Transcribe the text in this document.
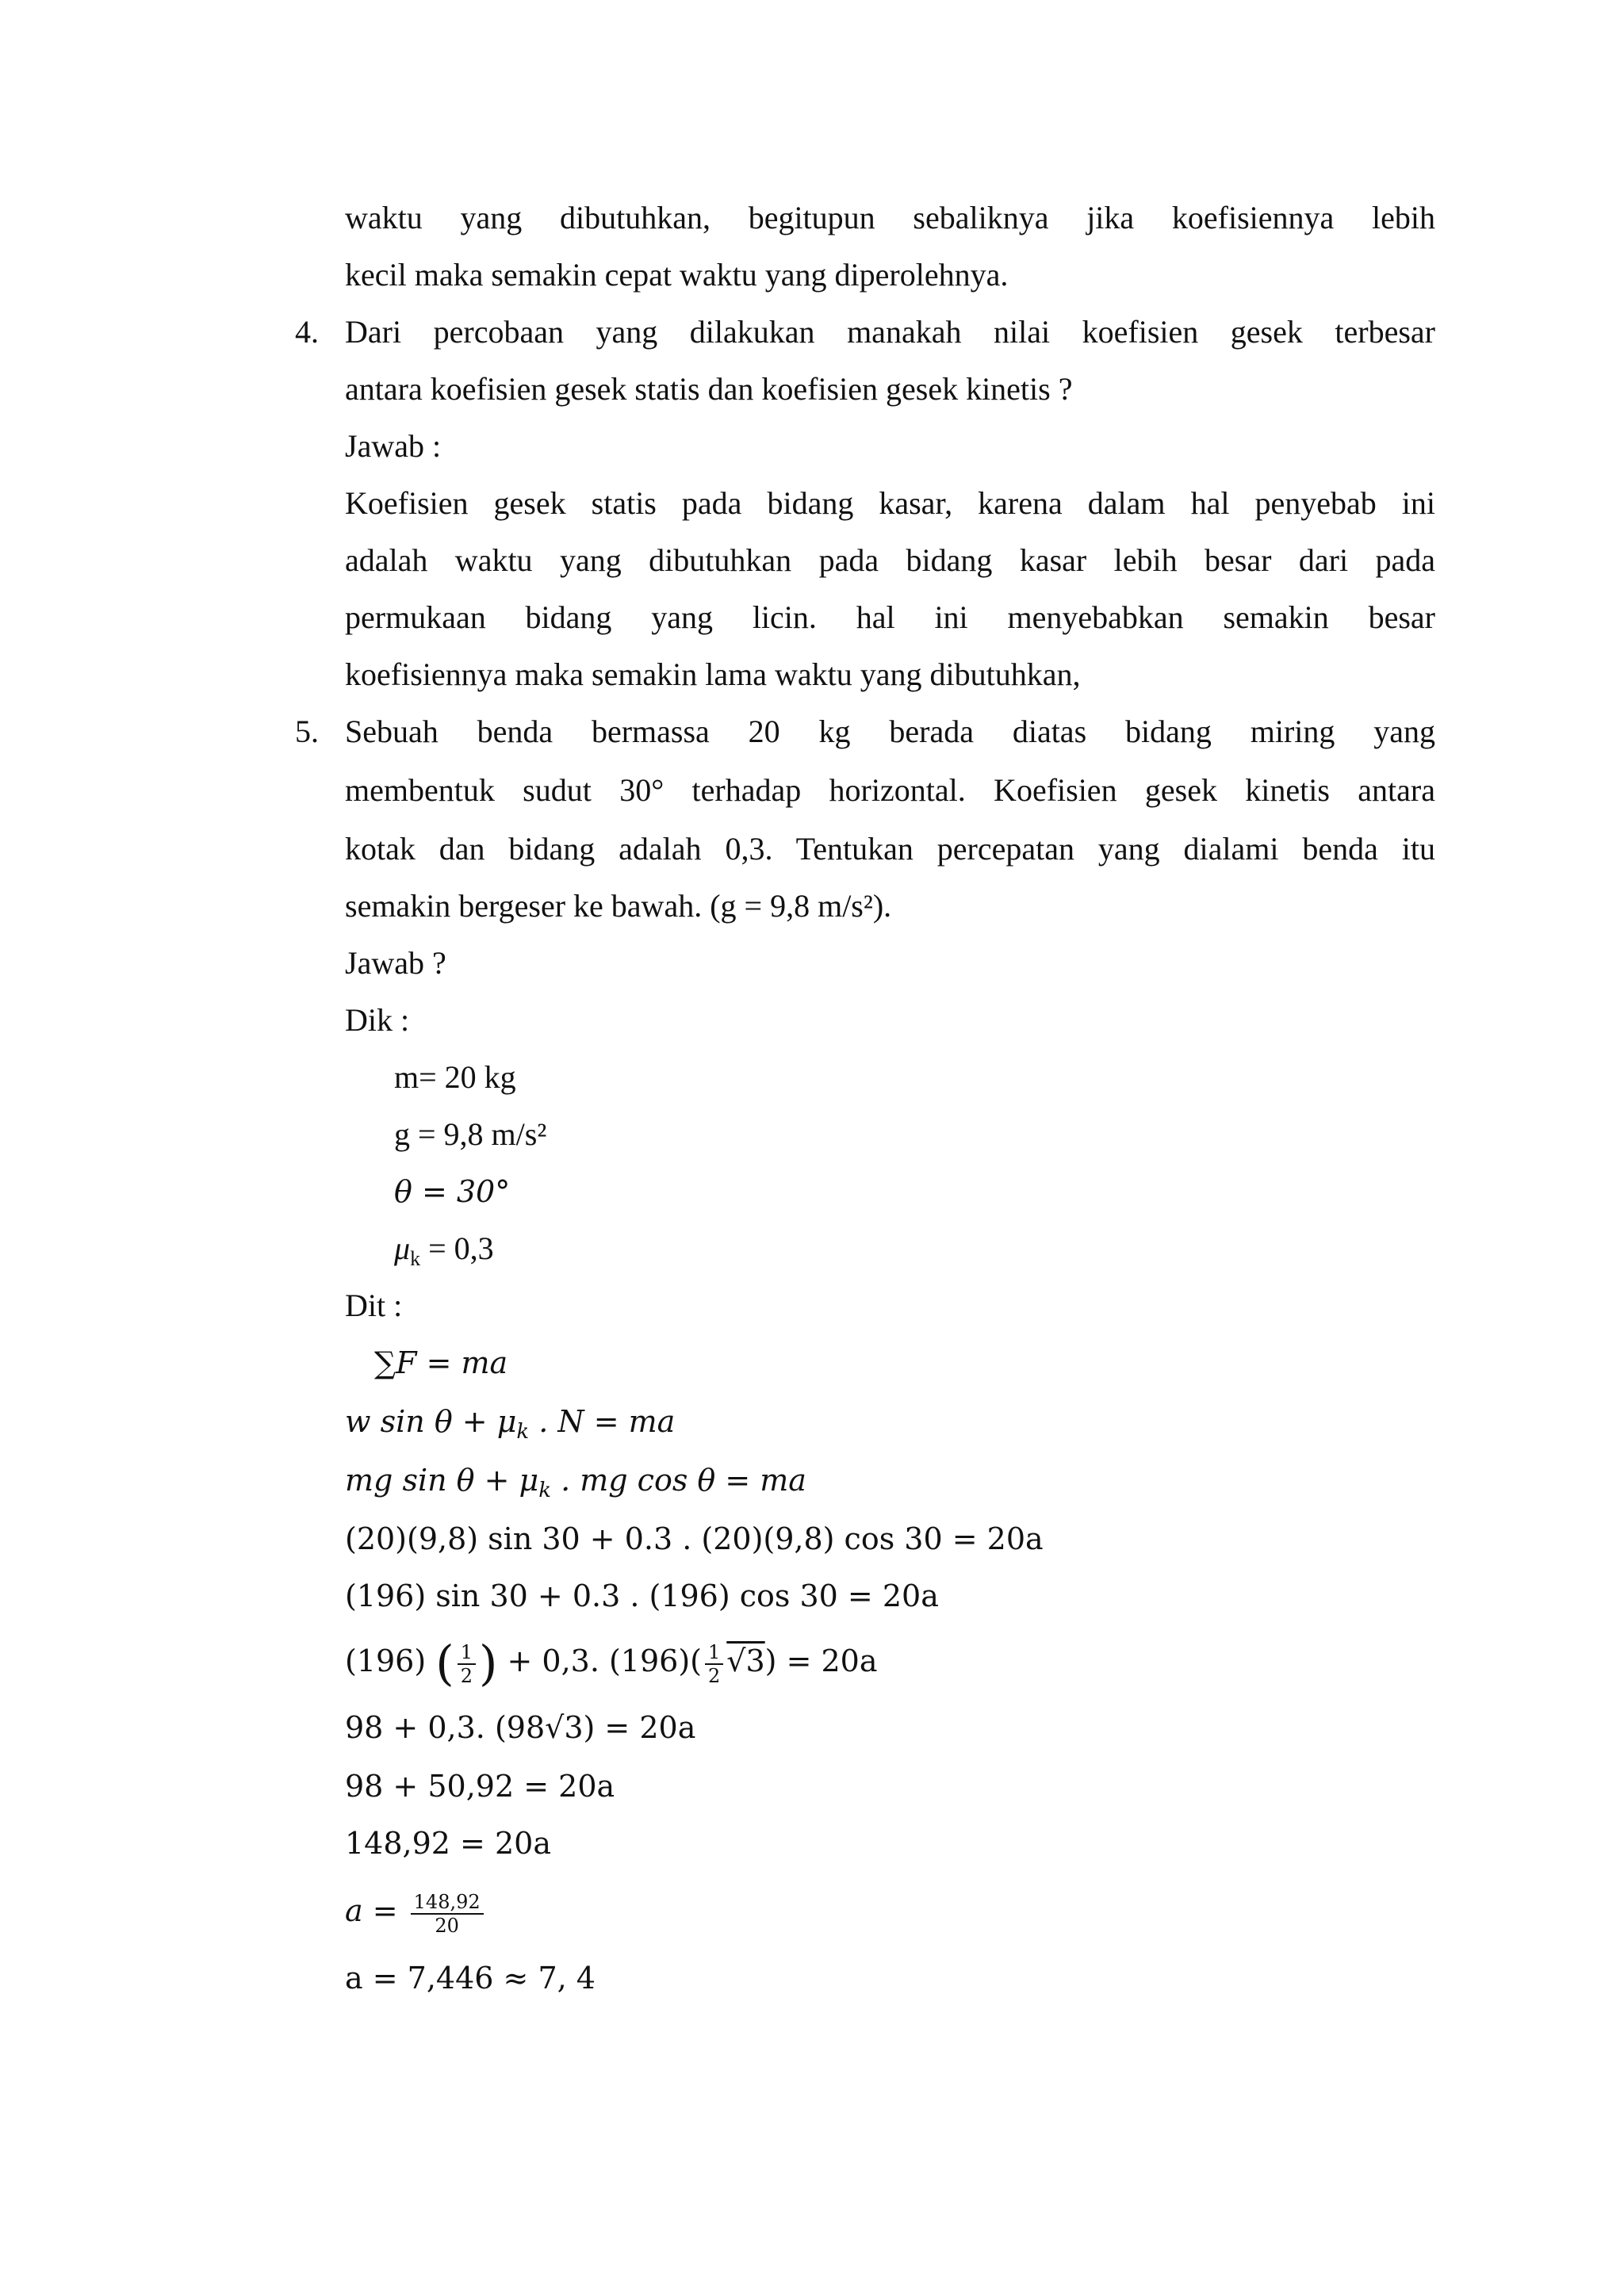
waktu yang dibutuhkan, begitupun sebaliknya jika koefisiennya lebih
kecil maka semakin cepat waktu yang diperolehnya.
4. Dari percobaan yang dilakukan manakah nilai koefisien gesek terbesar
antara koefisien gesek statis dan koefisien gesek kinetis ?
Jawab :
Koefisien gesek statis pada bidang kasar, karena dalam hal penyebab ini
adalah waktu yang dibutuhkan pada bidang kasar lebih besar dari pada
permukaan bidang yang licin. hal ini menyebabkan semakin besar
koefisiennya maka semakin lama waktu yang dibutuhkan,
5. Sebuah benda bermassa 20 kg berada diatas bidang miring yang
membentuk sudut 30° terhadap horizontal. Koefisien gesek kinetis antara
kotak dan bidang adalah 0,3. Tentukan percepatan yang dialami benda itu
semakin bergeser ke bawah. (g = 9,8 m/s²).
Jawab ?
Dik :
m= 20 kg
g = 9,8 m/s²
θ = 30°
$\mu_k = 0,3$
Dit :
∑F = ma
w $\sin \theta + \mu_k$ . N = ma
mg $\sin \theta + \mu_k$ . mg cos θ = ma
(20)(9,8) sin 30 + 0.3 . (20)(9,8) cos 30 = 20a
(196) sin 30 + 0.3 . (196) cos 30 = 20a
(196) ( $\frac{1}{2}$ ) + 0,3. $(196)( \frac{1}{2} √3) = 20a$
98 + 0,3. (98√3) = 20a
98 + 50,92 = 20a
148,92 = 20a
$a = \frac{148,92}{20}$
a = 7,446 ≈ 7, 4
